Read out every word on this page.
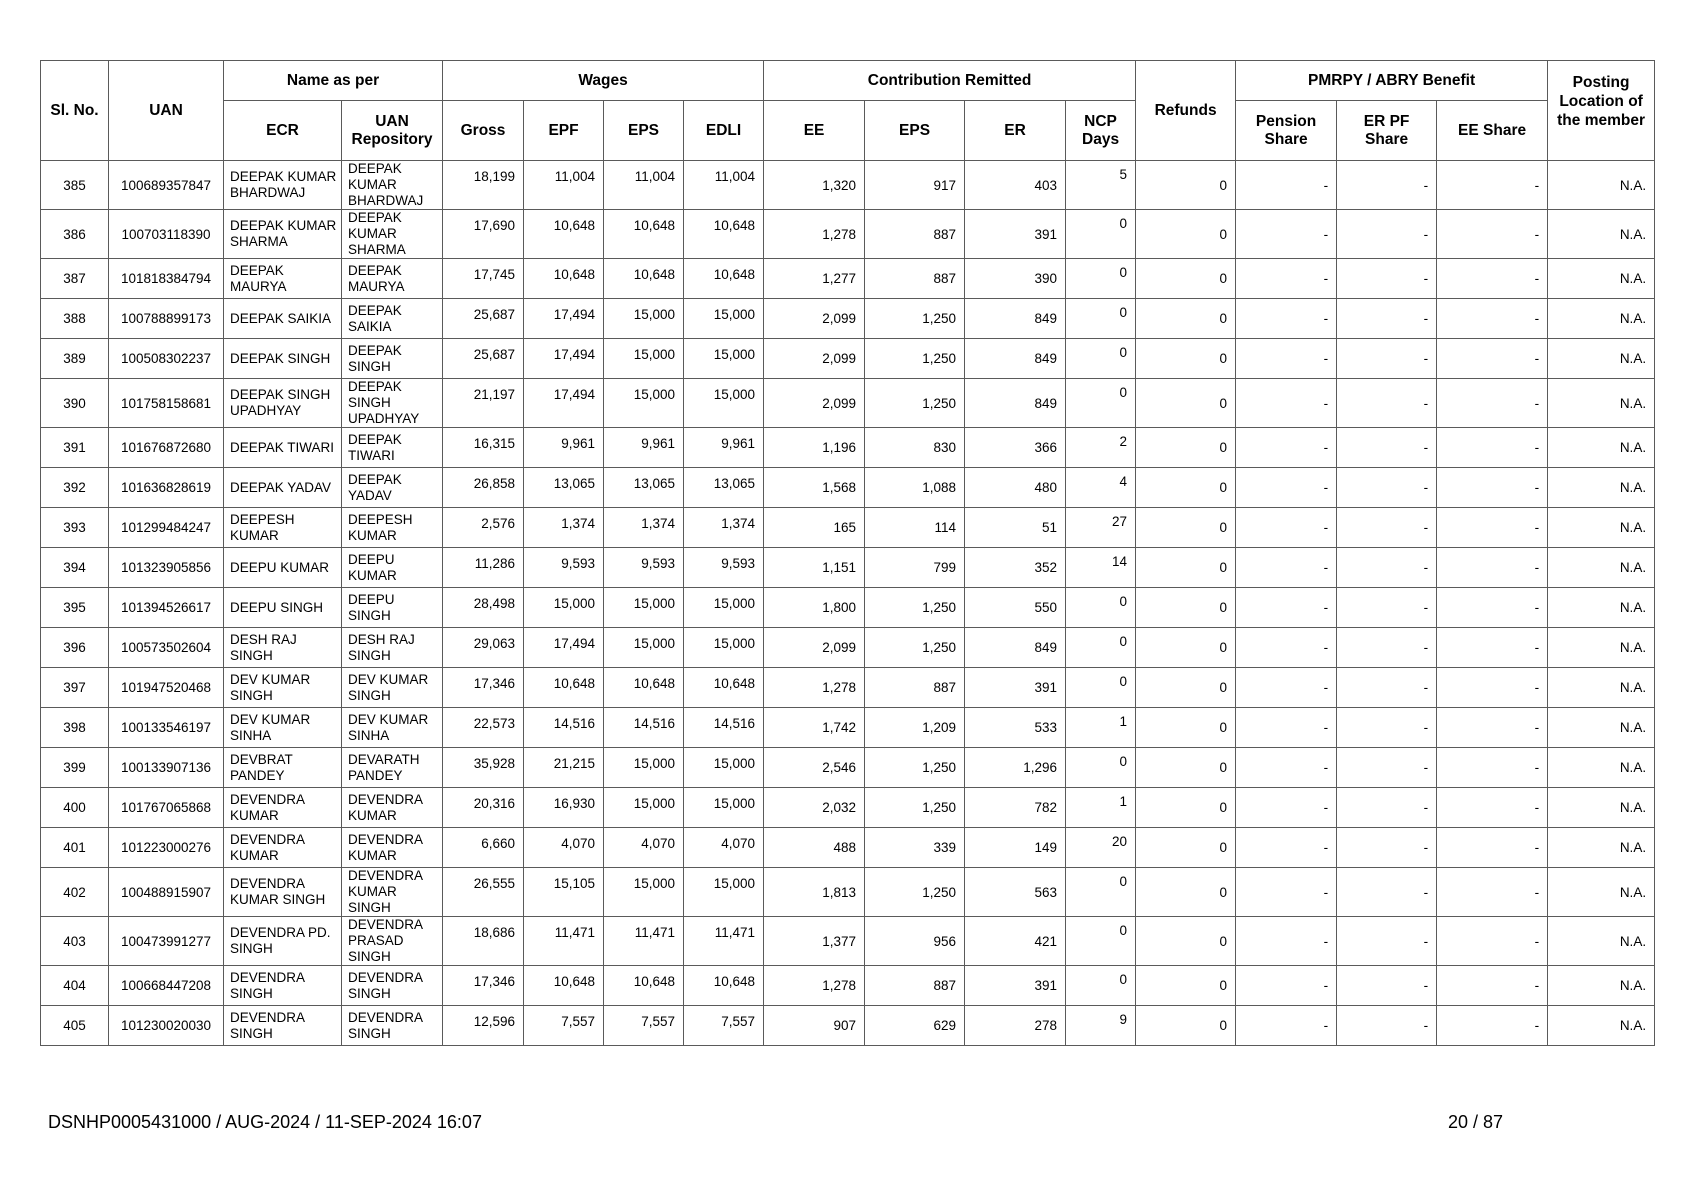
Sl. No.	UAN	Name as per		Wages				Contribution Remitted				Refunds	PMRPY / ABRY Benefit			Posting Location of the member
		ECR	UAN Repository	Gross	EPF	EPS	EDLI	EE	EPS	ER	NCP Days		Pension Share	ER PF Share	EE Share	
385	100689357847	DEEPAK KUMAR BHARDWAJ	DEEPAK KUMAR BHARDWAJ	18,199	11,004	11,004	11,004	1,320	917	403	5	0	-	-	-	N.A.
386	100703118390	DEEPAK KUMAR SHARMA	DEEPAK KUMAR SHARMA	17,690	10,648	10,648	10,648	1,278	887	391	0	0	-	-	-	N.A.
387	101818384794	DEEPAK MAURYA	DEEPAK MAURYA	17,745	10,648	10,648	10,648	1,277	887	390	0	0	-	-	-	N.A.
388	100788899173	DEEPAK SAIKIA	DEEPAK SAIKIA	25,687	17,494	15,000	15,000	2,099	1,250	849	0	0	-	-	-	N.A.
389	100508302237	DEEPAK SINGH	DEEPAK SINGH	25,687	17,494	15,000	15,000	2,099	1,250	849	0	0	-	-	-	N.A.
390	101758158681	DEEPAK SINGH UPADHYAY	DEEPAK SINGH UPADHYAY	21,197	17,494	15,000	15,000	2,099	1,250	849	0	0	-	-	-	N.A.
391	101676872680	DEEPAK TIWARI	DEEPAK TIWARI	16,315	9,961	9,961	9,961	1,196	830	366	2	0	-	-	-	N.A.
392	101636828619	DEEPAK YADAV	DEEPAK YADAV	26,858	13,065	13,065	13,065	1,568	1,088	480	4	0	-	-	-	N.A.
393	101299484247	DEEPESH KUMAR	DEEPESH KUMAR	2,576	1,374	1,374	1,374	165	114	51	27	0	-	-	-	N.A.
394	101323905856	DEEPU KUMAR	DEEPU KUMAR	11,286	9,593	9,593	9,593	1,151	799	352	14	0	-	-	-	N.A.
395	101394526617	DEEPU SINGH	DEEPU SINGH	28,498	15,000	15,000	15,000	1,800	1,250	550	0	0	-	-	-	N.A.
396	100573502604	DESH RAJ SINGH	DESH RAJ SINGH	29,063	17,494	15,000	15,000	2,099	1,250	849	0	0	-	-	-	N.A.
397	101947520468	DEV KUMAR SINGH	DEV KUMAR SINGH	17,346	10,648	10,648	10,648	1,278	887	391	0	0	-	-	-	N.A.
398	100133546197	DEV KUMAR SINHA	DEV KUMAR SINHA	22,573	14,516	14,516	14,516	1,742	1,209	533	1	0	-	-	-	N.A.
399	100133907136	DEVBRAT PANDEY	DEVARATH PANDEY	35,928	21,215	15,000	15,000	2,546	1,250	1,296	0	0	-	-	-	N.A.
400	101767065868	DEVENDRA KUMAR	DEVENDRA KUMAR	20,316	16,930	15,000	15,000	2,032	1,250	782	1	0	-	-	-	N.A.
401	101223000276	DEVENDRA KUMAR	DEVENDRA KUMAR	6,660	4,070	4,070	4,070	488	339	149	20	0	-	-	-	N.A.
402	100488915907	DEVENDRA KUMAR SINGH	DEVENDRA KUMAR SINGH	26,555	15,105	15,000	15,000	1,813	1,250	563	0	0	-	-	-	N.A.
403	100473991277	DEVENDRA PD. SINGH	DEVENDRA PRASAD SINGH	18,686	11,471	11,471	11,471	1,377	956	421	0	0	-	-	-	N.A.
404	100668447208	DEVENDRA SINGH	DEVENDRA SINGH	17,346	10,648	10,648	10,648	1,278	887	391	0	0	-	-	-	N.A.
405	101230020030	DEVENDRA SINGH	DEVENDRA SINGH	12,596	7,557	7,557	7,557	907	629	278	9	0	-	-	-	N.A.
DSNHP0005431000 / AUG-2024 / 11-SEP-2024 16:07	20 / 87
